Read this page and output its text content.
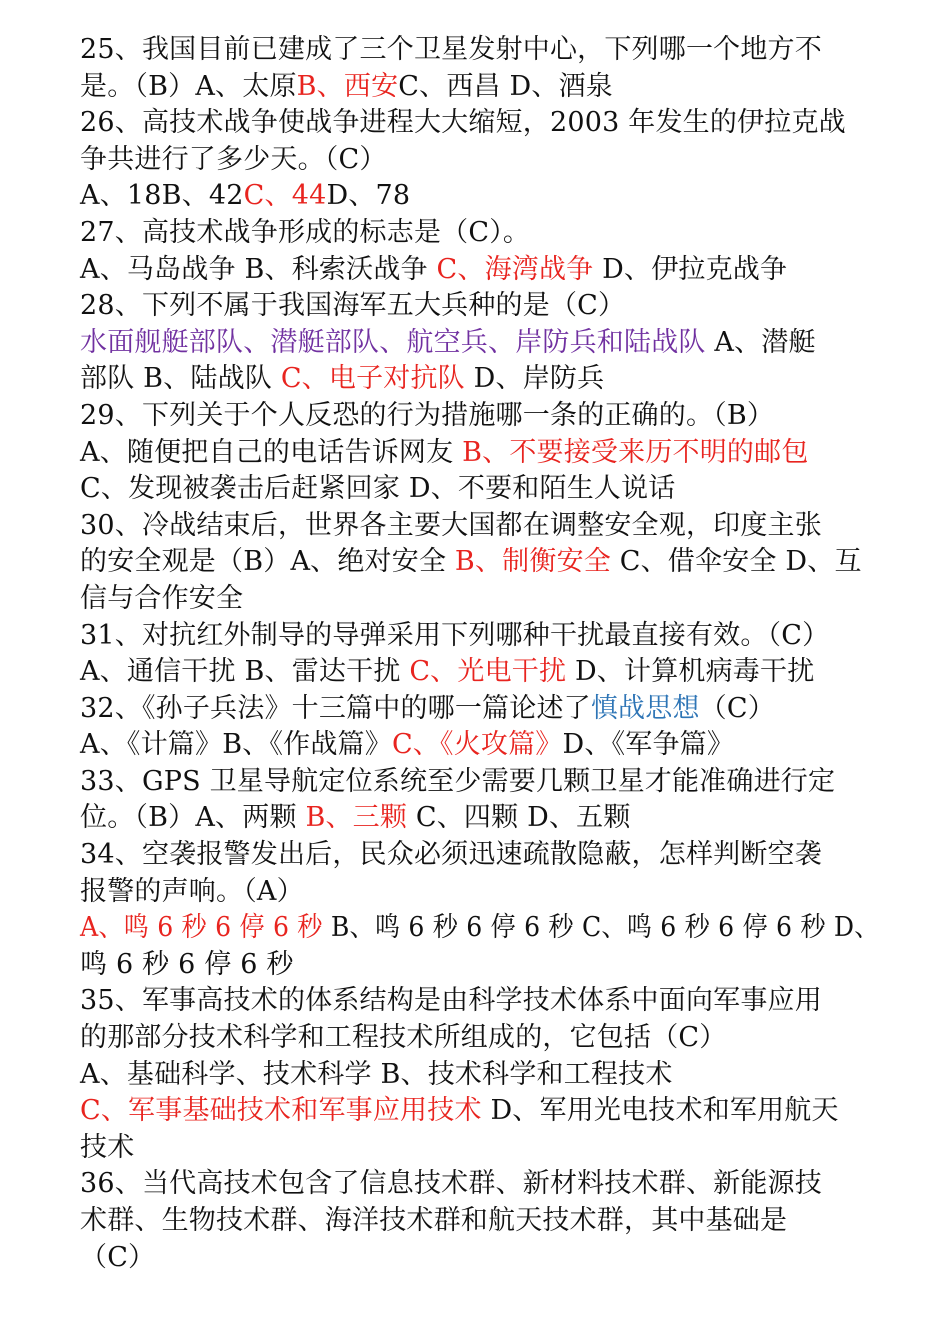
25、我国目前已建成了三个卫星发射中心，下列哪一个地方不
是。（B）A、太原B、西安C、西昌 D、酒泉
26、高技术战争使战争进程大大缩短，2003 年发生的伊拉克战
争共进行了多少天。（C）
A、18B、42C、44D、78
27、高技术战争形成的标志是（C）。
A、马岛战争 B、科索沃战争 C、海湾战争 D、伊拉克战争
28、下列不属于我国海军五大兵种的是（C）
水面舰艇部队、潜艇部队、航空兵、岸防兵和陆战队 A、潜艇
部队 B、陆战队 C、电子对抗队 D、岸防兵
29、下列关于个人反恐的行为措施哪一条的正确的。（B）
A、随便把自己的电话告诉网友 B、不要接受来历不明的邮包
C、发现被袭击后赶紧回家 D、不要和陌生人说话
30、冷战结束后，世界各主要大国都在调整安全观，印度主张
的安全观是（B）A、绝对安全 B、制衡安全 C、借伞安全 D、互
信与合作安全
31、对抗红外制导的导弹采用下列哪种干扰最直接有效。（C）
A、通信干扰 B、雷达干扰 C、光电干扰 D、计算机病毒干扰
32、《孙子兵法》十三篇中的哪一篇论述了慎战思想（C）
A、《计篇》B、《作战篇》C、《火攻篇》D、《军争篇》
33、GPS 卫星导航定位系统至少需要几颗卫星才能准确进行定
位。（B）A、两颗 B、三颗 C、四颗 D、五颗
34、空袭报警发出后，民众必须迅速疏散隐蔽，怎样判断空袭
报警的声响。（A）
A、鸣 6 秒 6 停 6 秒 B、鸣 6 秒 6 停 6 秒 C、鸣 6 秒 6 停 6 秒 D、
鸣 6 秒 6 停 6 秒
35、军事高技术的体系结构是由科学技术体系中面向军事应用
的那部分技术科学和工程技术所组成的，它包括（C）
A、基础科学、技术科学 B、技术科学和工程技术
C、军事基础技术和军事应用技术 D、军用光电技术和军用航天
技术
36、当代高技术包含了信息技术群、新材料技术群、新能源技
术群、生物技术群、海洋技术群和航天技术群，其中基础是
（C）
